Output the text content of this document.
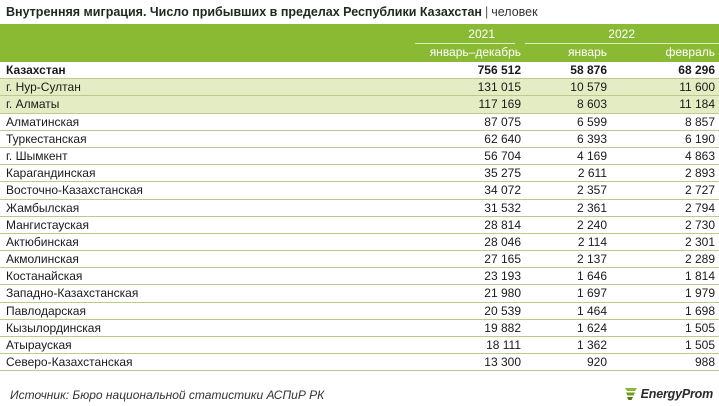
Внутренняя миграция. Число прибывших в пределах Республики Казахстан | человек
2021	2022
январь–декабрь	январь	февраль
Казахстан	756 512	58 876	68 296
г. Нур-Султан	131 015	10 579	11 600
г. Алматы	117 169	8 603	11 184
Алматинская	87 075	6 599	8 857
Туркестанская	62 640	6 393	6 190
г. Шымкент	56 704	4 169	4 863
Карагандинская	35 275	2 611	2 893
Восточно-Казахстанская	34 072	2 357	2 727
Жамбылская	31 532	2 361	2 794
Мангистауская	28 814	2 240	2 730
Актюбинская	28 046	2 114	2 301
Акмолинская	27 165	2 137	2 289
Костанайская	23 193	1 646	1 814
Западно-Казахстанская	21 980	1 697	1 979
Павлодарская	20 539	1 464	1 698
Кызылординская	19 882	1 624	1 505
Атырауская	18 111	1 362	1 505
Северо-Казахстанская	13 300	920	988
Источник: Бюро национальной статистики АСПиР РК	EnergyProm
